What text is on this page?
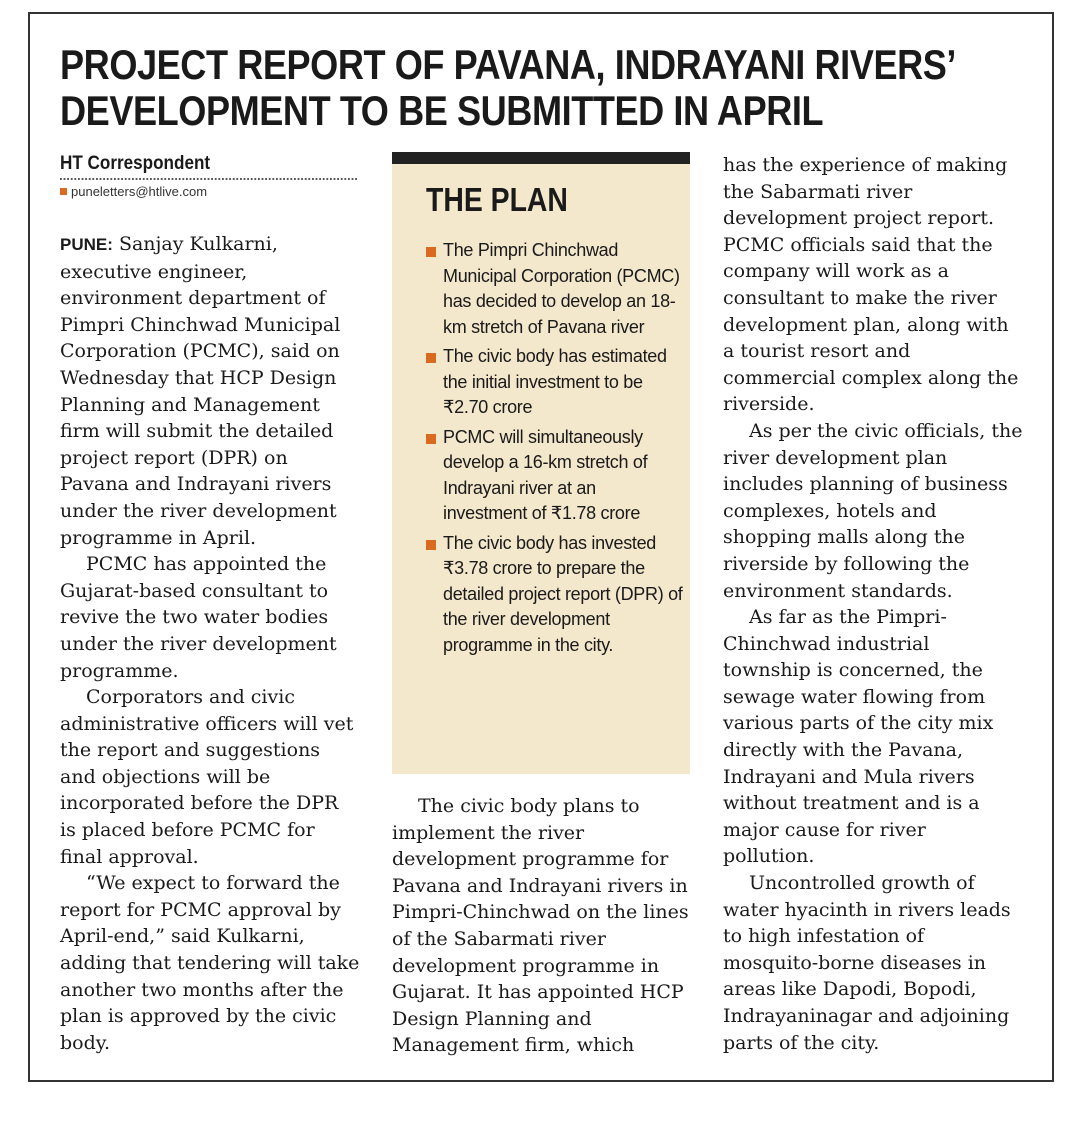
PROJECT REPORT OF PAVANA, INDRAYANI RIVERS’ DEVELOPMENT TO BE SUBMITTED IN APRIL
HT Correspondent
puneletters@htlive.com

PUNE: Sanjay Kulkarni, executive engineer, environment department of Pimpri Chinchwad Municipal Corporation (PCMC), said on Wednesday that HCP Design Planning and Management firm will submit the detailed project report (DPR) on Pavana and Indrayani rivers under the river development programme in April.

PCMC has appointed the Gujarat-based consultant to revive the two water bodies under the river development programme.

Corporators and civic administrative officers will vet the report and suggestions and objections will be incorporated before the DPR is placed before PCMC for final approval.

“We expect to forward the report for PCMC approval by April-end,” said Kulkarni, adding that tendering will take another two months after the plan is approved by the civic body.

THE PLAN
The Pimpri Chinchwad Municipal Corporation (PCMC) has decided to develop an 18-km stretch of Pavana river
The civic body has estimated the initial investment to be ₹2.70 crore
PCMC will simultaneously develop a 16-km stretch of Indrayani river at an investment of ₹1.78 crore
The civic body has invested ₹3.78 crore to prepare the detailed project report (DPR) of the river development programme in the city.

The civic body plans to implement the river development programme for Pavana and Indrayani rivers in Pimpri-Chinchwad on the lines of the Sabarmati river development programme in Gujarat. It has appointed HCP Design Planning and Management firm, which

has the experience of making the Sabarmati river development project report. PCMC officials said that the company will work as a consultant to make the river development plan, along with a tourist resort and commercial complex along the riverside.

As per the civic officials, the river development plan includes planning of business complexes, hotels and shopping malls along the riverside by following the environment standards.

As far as the Pimpri-Chinchwad industrial township is concerned, the sewage water flowing from various parts of the city mix directly with the Pavana, Indrayani and Mula rivers without treatment and is a major cause for river pollution.

Uncontrolled growth of water hyacinth in rivers leads to high infestation of mosquito-borne diseases in areas like Dapodi, Bopodi, Indrayaninagar and adjoining parts of the city.
